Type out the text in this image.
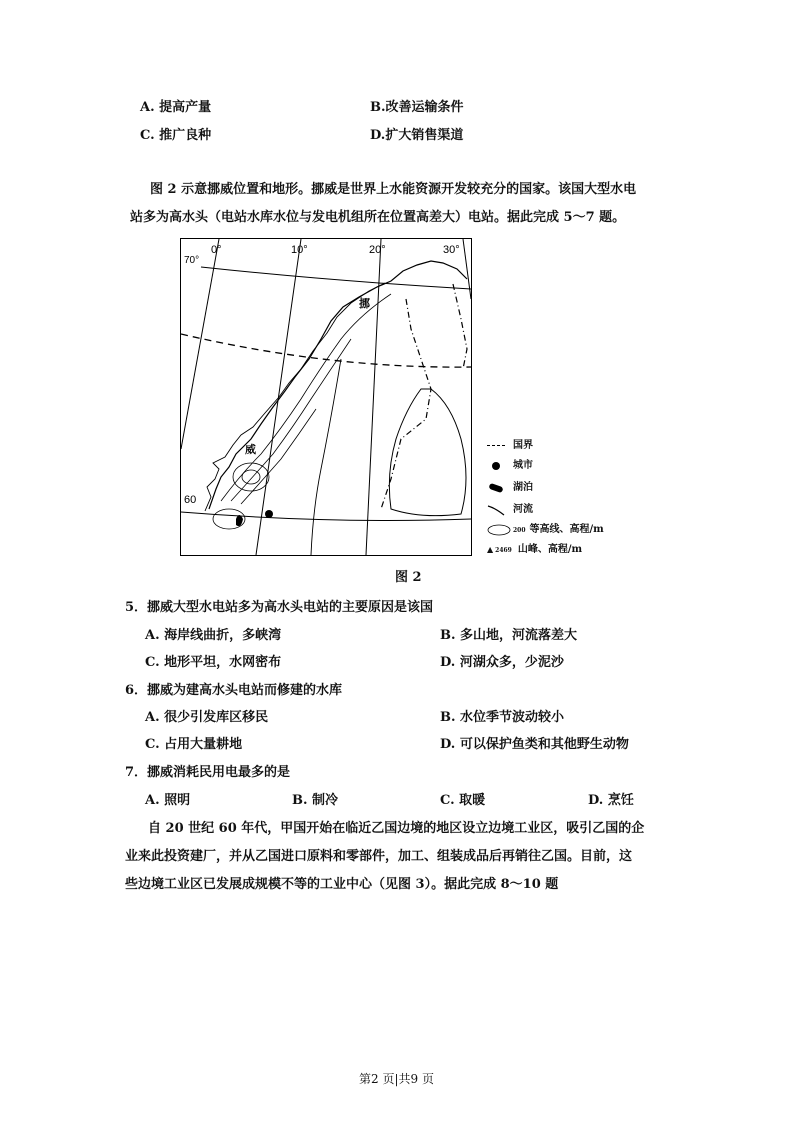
A. 提高产量	B.改善运输条件
C. 推广良种	D.扩大销售渠道
图 2 示意挪威位置和地形。挪威是世界上水能资源开发较充分的国家。该国大型水电
站多为高水头（电站水库水位与发电机组所在位置高差大）电站。据此完成 5～7 题。
0°	10°	20°	30°
70°
60
挪
威	国界
城市
湖泊
河流
200 等高线、高程/m
▲ 2469 山峰、高程/m
图 2
5．挪威大型水电站多为高水头电站的主要原因是该国
A. 海岸线曲折，多峡湾	B. 多山地，河流落差大
C. 地形平坦，水网密布	D. 河湖众多，少泥沙
6．挪威为建高水头电站而修建的水库
A. 很少引发库区移民	B. 水位季节波动较小
C. 占用大量耕地	D. 可以保护鱼类和其他野生动物
7．挪威消耗民用电最多的是
A. 照明	B. 制冷	C. 取暖	D. 烹饪
自 20 世纪 60 年代，甲国开始在临近乙国边境的地区设立边境工业区，吸引乙国的企
业来此投资建厂，并从乙国进口原料和零部件，加工、组装成品后再销往乙国。目前，这
些边境工业区已发展成规模不等的工业中心（见图 3）。据此完成 8～10 题
第2 页|共9 页
